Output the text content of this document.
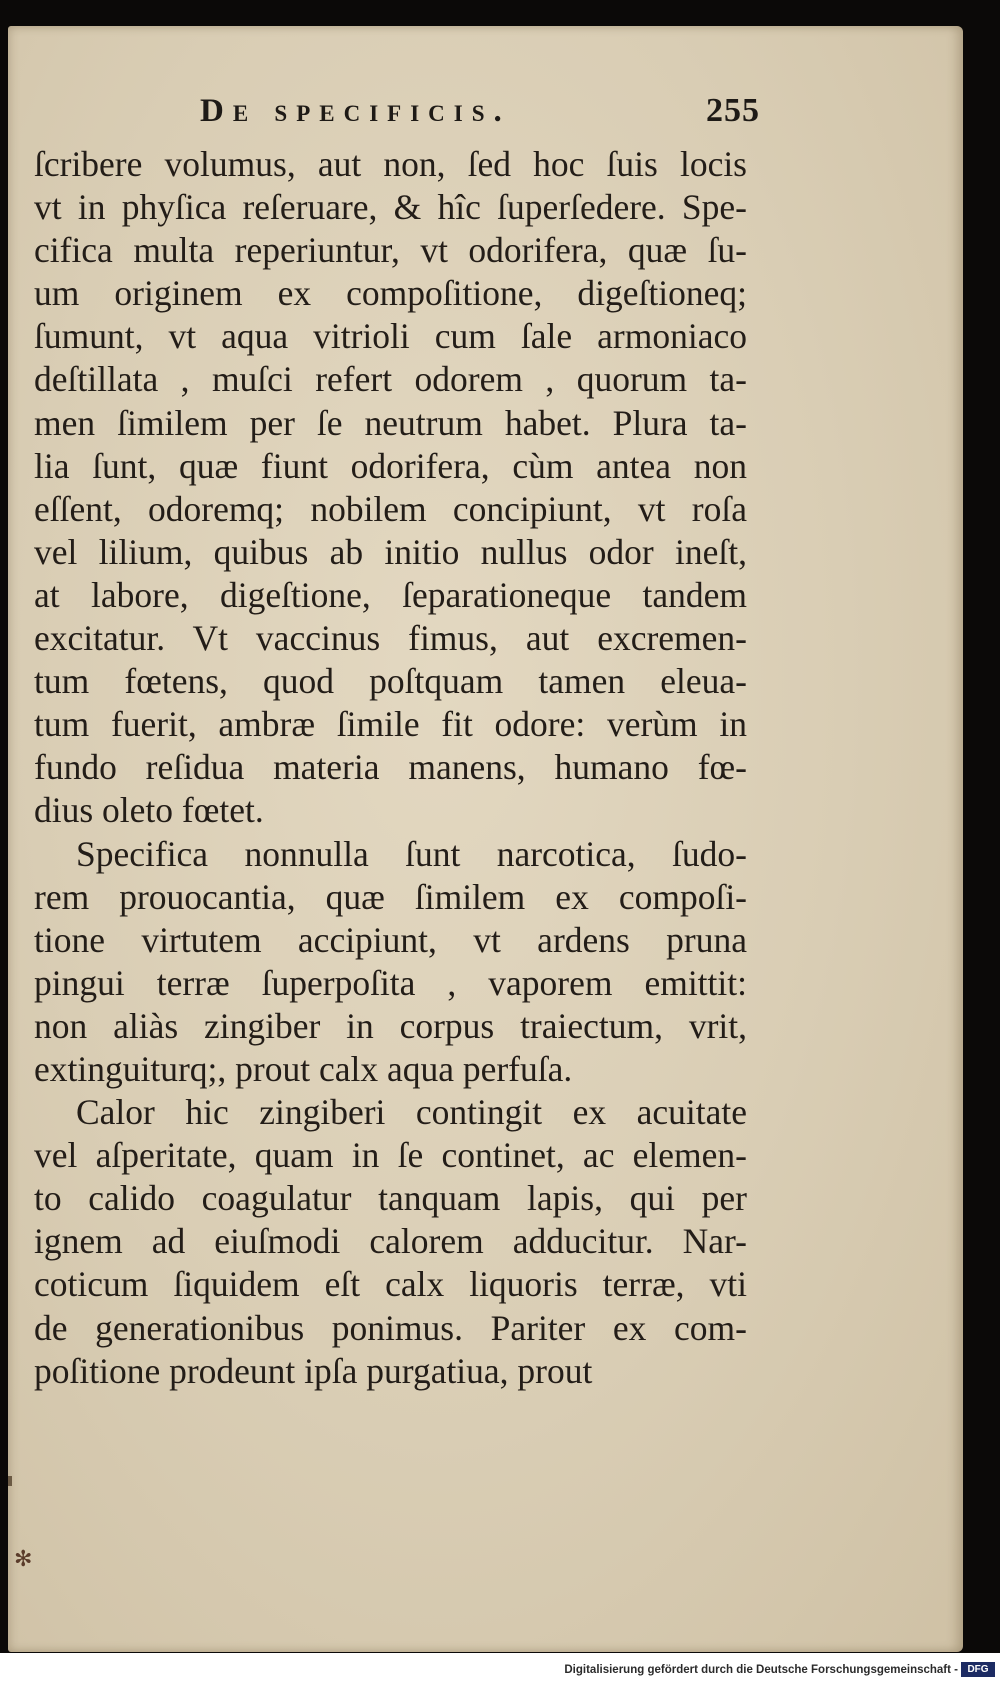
✻
De specificis.	255
ſcribere volumus, aut non, ſed hoc ſuis locis
vt in phyſica reſeruare, & hîc ſuperſedere. Spe-
cifica multa reperiuntur, vt odorifera, quæ ſu-
um originem ex compoſitione, digeſtioneq;
ſumunt, vt aqua vitrioli cum ſale armoniaco
deſtillata , muſci refert odorem , quorum ta-
men ſimilem per ſe neutrum habet. Plura ta-
lia ſunt, quæ fiunt odorifera, cùm antea non
eſſent, odoremq; nobilem concipiunt, vt roſa
vel lilium, quibus ab initio nullus odor ineſt,
at labore, digeſtione, ſeparationeque tandem
excitatur. Vt vaccinus fimus, aut excremen-
tum fœtens, quod poſtquam tamen eleua-
tum fuerit, ambræ ſimile fit odore: verùm in
fundo reſidua materia manens, humano fœ-
dius oleto fœtet.
Specifica nonnulla ſunt narcotica, ſudo-
rem prouocantia, quæ ſimilem ex compoſi-
tione virtutem accipiunt, vt ardens pruna
pingui terræ ſuperpoſita , vaporem emittit:
non aliàs zingiber in corpus traiectum, vrit,
extinguiturq;, prout calx aqua perfuſa.
Calor hic zingiberi contingit ex acuitate
vel aſperitate, quam in ſe continet, ac elemen-
to calido coagulatur tanquam lapis, qui per
ignem ad eiuſmodi calorem adducitur. Nar-
coticum ſiquidem eſt calx liquoris terræ, vti
de generationibus ponimus. Pariter ex com-
poſitione prodeunt ipſa purgatiua, prout
Digitalisierung gefördert durch die Deutsche Forschungsgemeinschaft - DFG
